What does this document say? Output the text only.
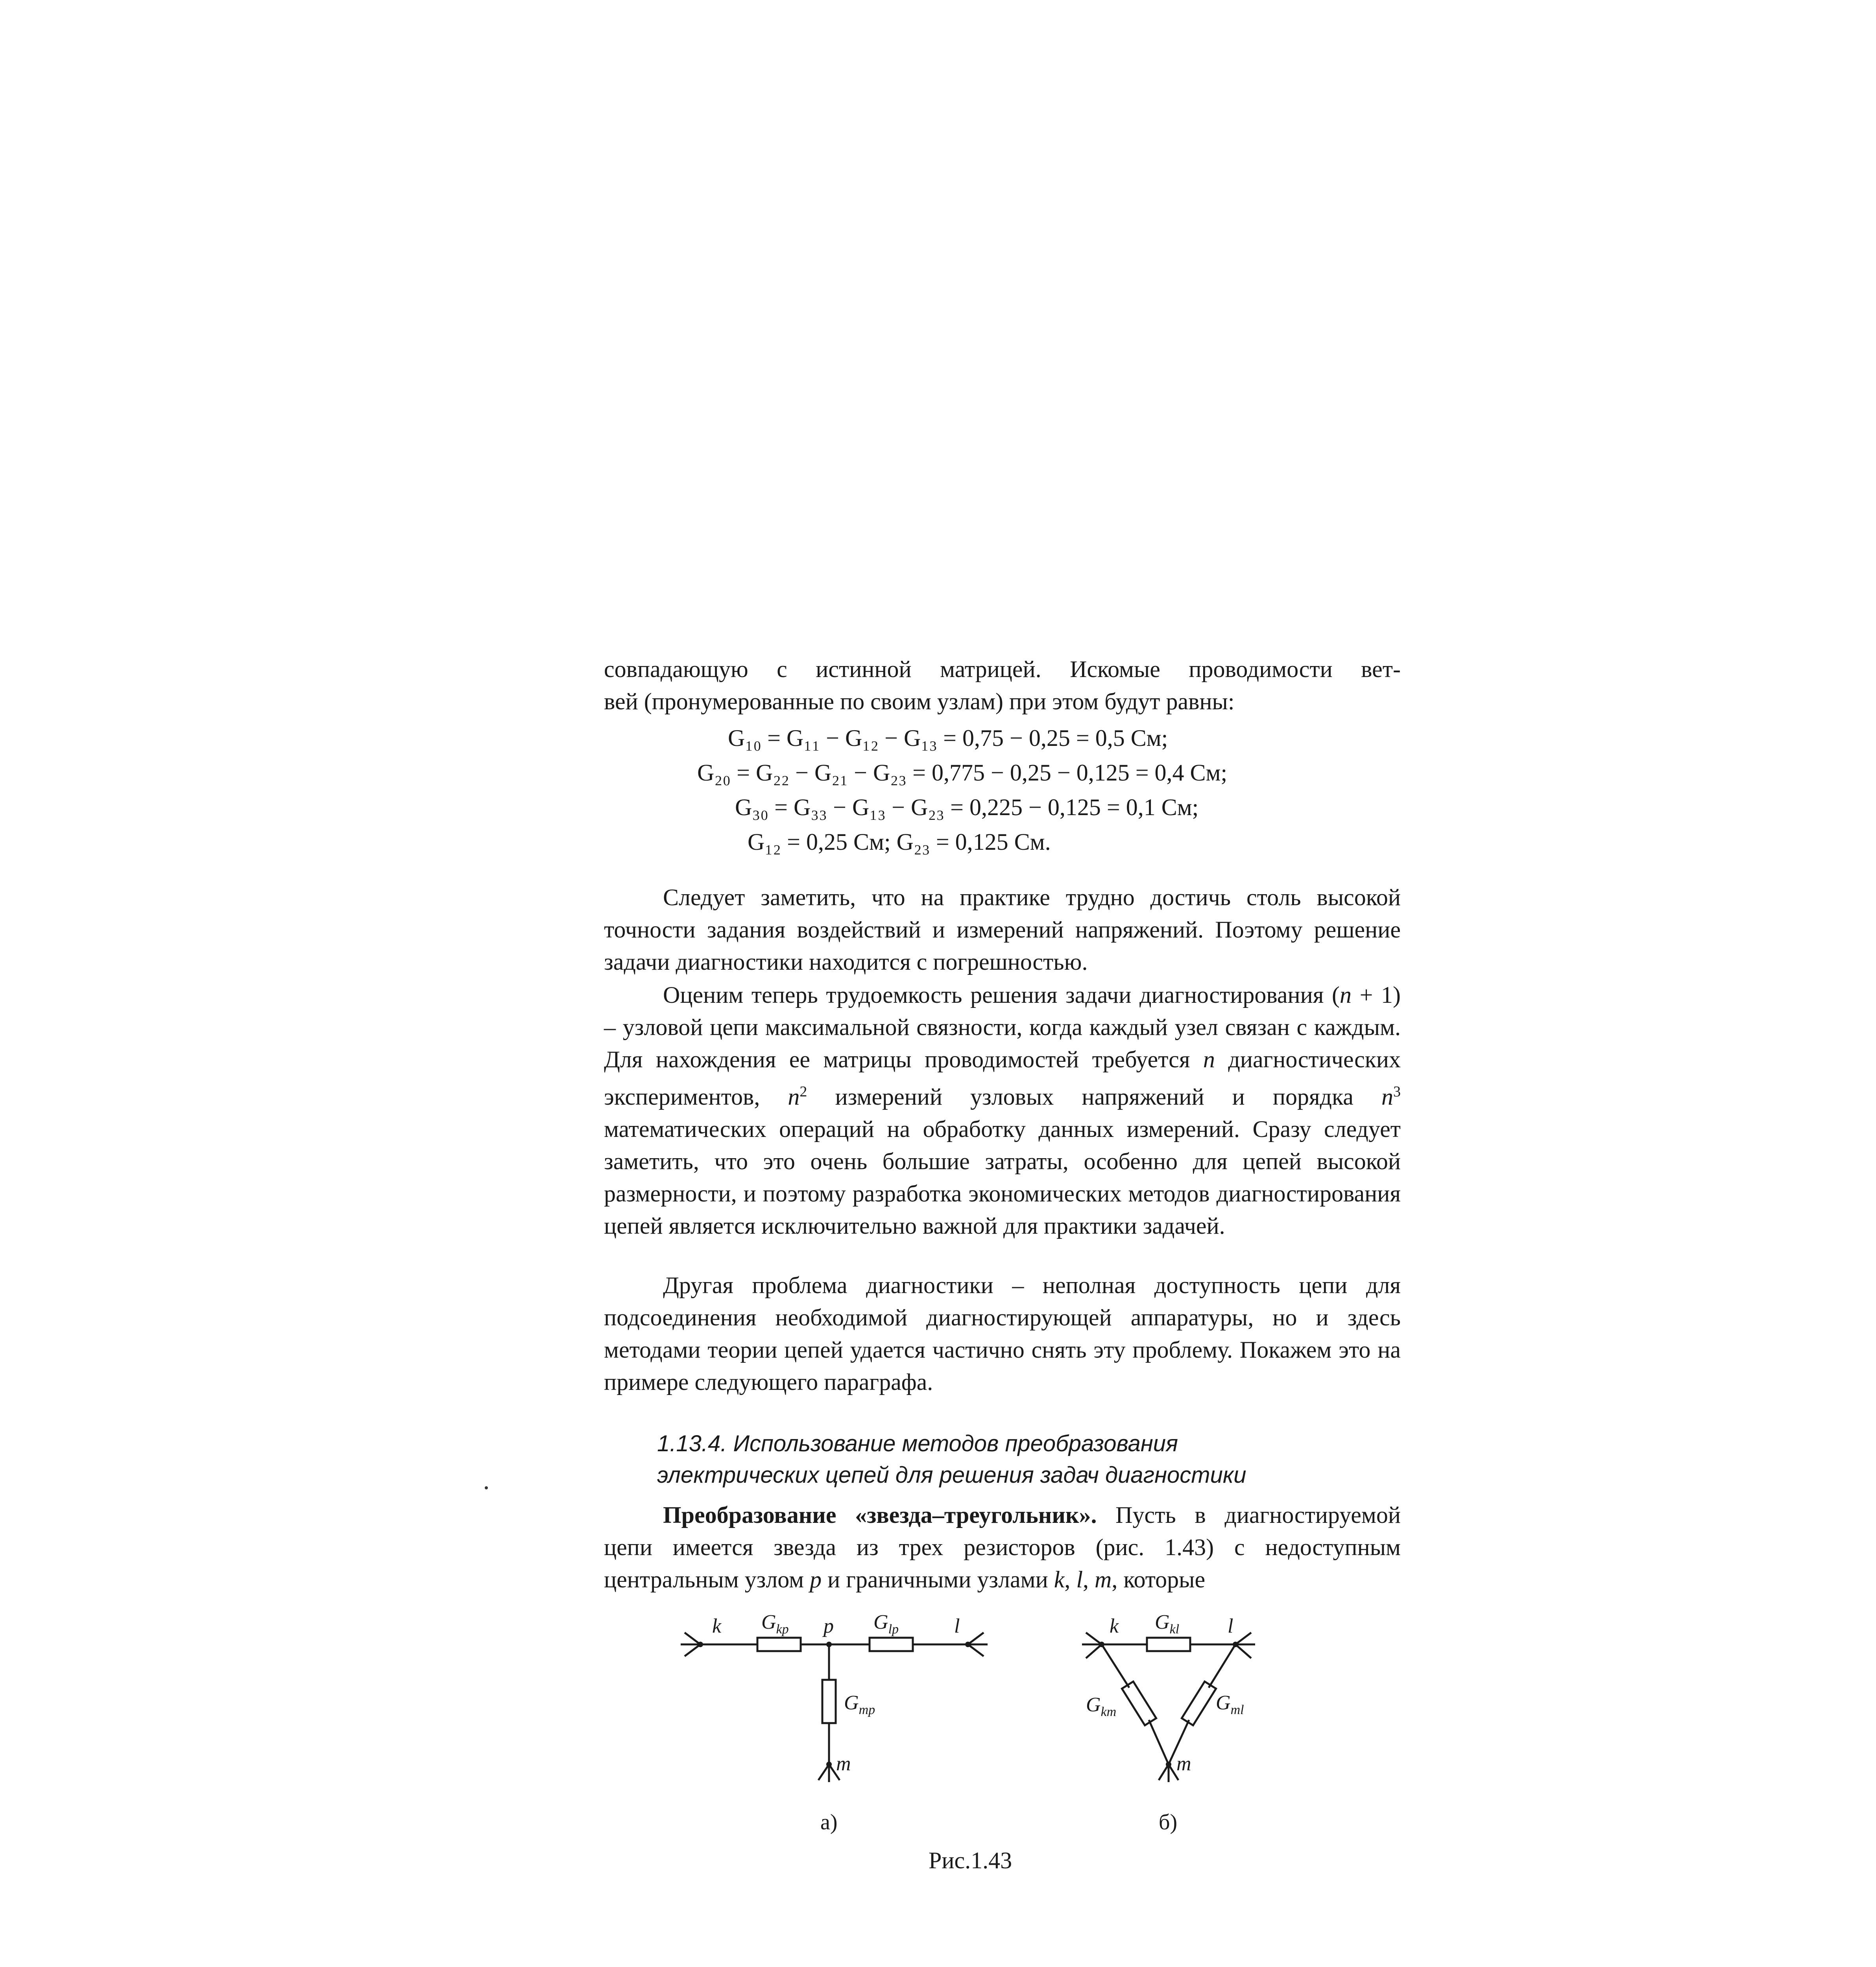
совпадающую с истинной матрицей. Искомые проводимости вет-

вей (пронумерованные по своим узлам) при этом будут равны:

G₁₀ = G₁₁ − G₁₂ − G₁₃ = 0,75 − 0,25 = 0,5 См;
G₂₀ = G₂₂ − G₂₁ − G₂₃ = 0,775 − 0,25 − 0,125 = 0,4 См;
G₃₀ = G₃₃ − G₁₃ − G₂₃ = 0,225 − 0,125 = 0,1 См;
G₁₂ = 0,25 См; G₂₃ = 0,125 См.

Следует заметить, что на практике трудно достичь столь высокой точности задания воздействий и измерений напряжений. Поэтому решение задачи диагностики находится с погрешностью.

Оценим теперь трудоемкость решения задачи диагностирования (n + 1) – узловой цепи максимальной связности, когда каждый узел связан с каждым. Для нахождения ее матрицы проводимостей требуется n диагностических экспериментов, $n^2$ измерений узловых напряжений и порядка $n^3$ математических операций на обработку данных измерений. Сразу следует заметить, что это очень большие затраты, особенно для цепей высокой размерности, и поэтому разработка экономических методов диагностирования цепей является исключительно важной для практики задачей.

Другая проблема диагностики – неполная доступность цепи для подсоединения необходимой диагностирующей аппаратуры, но и здесь методами теории цепей удается частично снять эту проблему. Покажем это на примере следующего параграфа.

1.13.4. Использование методов преобразования
электрических цепей для решения задач диагностики

Преобразование «звезда–треугольник». Пусть в диагностируемой цепи имеется звезда из трех резисторов (рис. 1.43) с недоступным центральным узлом p и граничными узлами k, l, m, которые

k $G_{kp}$ p $G_{lp}$	l
$G_{mp}$
m
k $G_{kl}$ l
$G_{km}$	$G_{ml}$
m
а)	б)
Рис.1.43
